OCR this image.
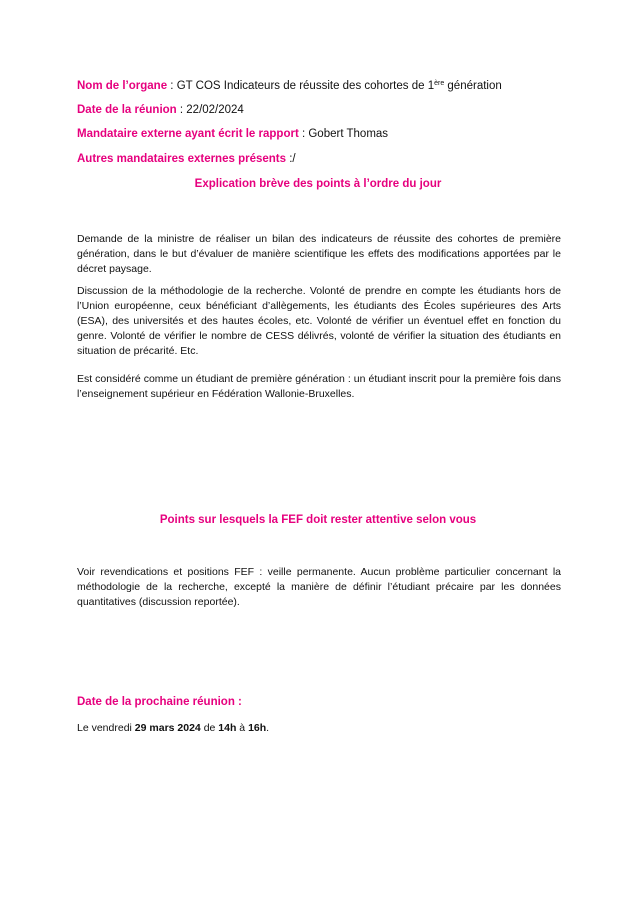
Nom de l’organe : GT COS Indicateurs de réussite des cohortes de 1ère génération
Date de la réunion : 22/02/2024
Mandataire externe ayant écrit le rapport : Gobert Thomas
Autres mandataires externes présents :/
Explication brève des points à l’ordre du jour

Demande de la ministre de réaliser un bilan des indicateurs de réussite des cohortes de première génération, dans le but d’évaluer de manière scientifique les effets des modifications apportées par le décret paysage.

Discussion de la méthodologie de la recherche. Volonté de prendre en compte les étudiants hors de l’Union européenne, ceux bénéficiant d’allègements, les étudiants des Écoles supérieures des Arts (ESA), des universités et des hautes écoles, etc. Volonté de vérifier un éventuel effet en fonction du genre. Volonté de vérifier le nombre de CESS délivrés, volonté de vérifier la situation des étudiants en situation de précarité. Etc.

Est considéré comme un étudiant de première génération : un étudiant inscrit pour la première fois dans l’enseignement supérieur en Fédération Wallonie-Bruxelles.

Points sur lesquels la FEF doit rester attentive selon vous

Voir revendications et positions FEF : veille permanente. Aucun problème particulier concernant la méthodologie de la recherche, excepté la manière de définir l’étudiant précaire par les données quantitatives (discussion reportée).

Date de la prochaine réunion :
Le vendredi 29 mars 2024 de 14h à 16h.
